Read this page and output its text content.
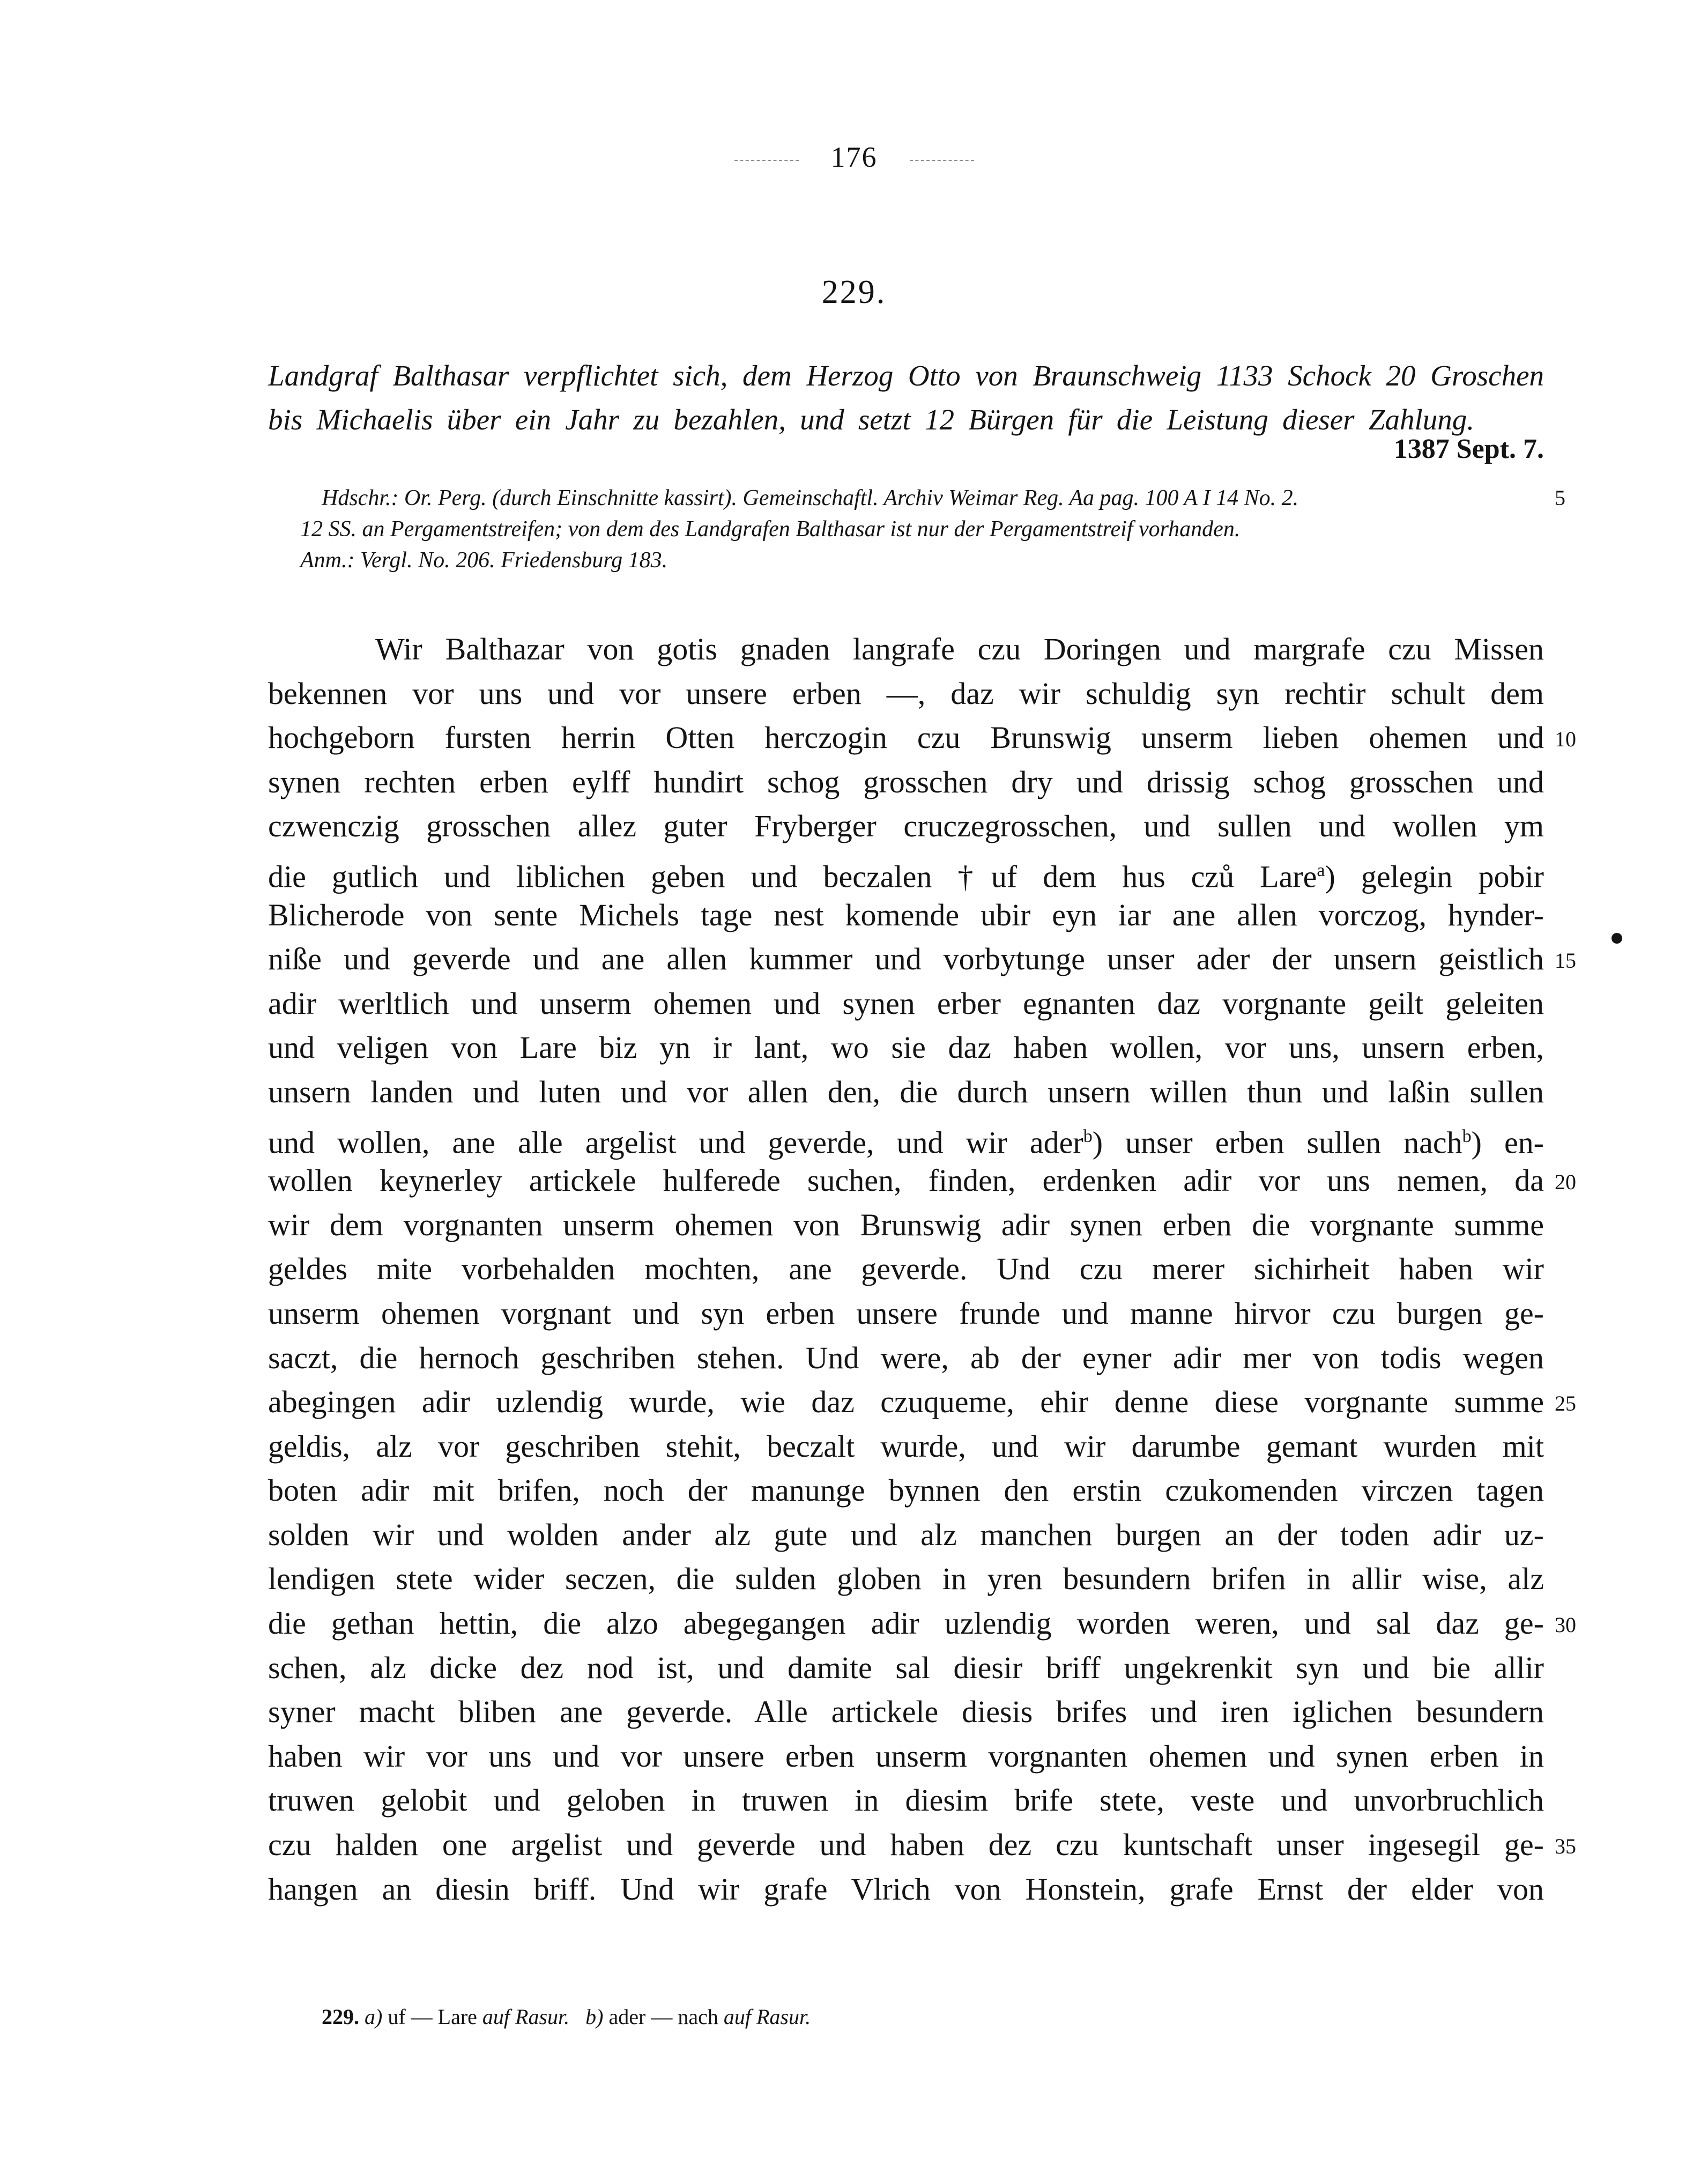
176
229.
Landgraf Balthasar verpflichtet sich, dem Herzog Otto von Braunschweig 1133 Schock 20 Groschen
bis Michaelis über ein Jahr zu bezahlen, und setzt 12 Bürgen für die Leistung dieser Zahlung.
1387 Sept. 7.
Hdschr.: Or. Perg. (durch Einschnitte kassirt). Gemeinschaftl. Archiv Weimar Reg. Aa pag. 100 A I 14 No. 2.
12 SS. an Pergamentstreifen; von dem des Landgrafen Balthasar ist nur der Pergamentstreif vorhanden.
Anm.: Vergl. No. 206. Friedensburg 183.
5
Wir Balthazar von gotis gnaden langrafe czu Doringen und margrafe czu Missen
bekennen vor uns und vor unsere erben —, daz wir schuldig syn rechtir schult dem
hochgeborn fursten herrin Otten herczogin czu Brunswig unserm lieben ohemen und
synen rechten erben eylff hundirt schog grosschen dry und drissig schog grosschen und
czwenczig grosschen allez guter Fryberger cruczegrosschen, und sullen und wollen ym
die gutlich und liblichen geben und beczalen †uf dem hus czů Lare$^a$) gelegin pobir
Blicherode von sente Michels tage nest komende ubir eyn iar ane allen vorczog, hynder-
niße und geverde und ane allen kummer und vorbytunge unser ader der unsern geistlich
adir werltlich und unserm ohemen und synen erber egnanten daz vorgnante geilt geleiten
und veligen von Lare biz yn ir lant, wo sie daz haben wollen, vor uns, unsern erben,
unsern landen und luten und vor allen den, die durch unsern willen thun und laßin sullen
und wollen, ane alle argelist und geverde, und wir ader$^b$) unser erben sullen nach$^b$) en-
wollen keynerley artickele hulferede suchen, finden, erdenken adir vor uns nemen, da
wir dem vorgnanten unserm ohemen von Brunswig adir synen erben die vorgnante summe
geldes mite vorbehalden mochten, ane geverde. Und czu merer sichirheit haben wir
unserm ohemen vorgnant und syn erben unsere frunde und manne hirvor czu burgen ge-
saczt, die hernoch geschriben stehen. Und were, ab der eyner adir mer von todis wegen
abegingen adir uzlendig wurde, wie daz czuqueme, ehir denne diese vorgnante summe
geldis, alz vor geschriben stehit, beczalt wurde, und wir darumbe gemant wurden mit
boten adir mit brifen, noch der manunge bynnen den erstin czukomenden virczen tagen
solden wir und wolden ander alz gute und alz manchen burgen an der toden adir uz-
lendigen stete wider seczen, die sulden globen in yren besundern brifen in allir wise, alz
die gethan hettin, die alzo abegegangen adir uzlendig worden weren, und sal daz ge-
schen, alz dicke dez nod ist, und damite sal diesir briff ungekrenkit syn und bie allir
syner macht bliben ane geverde. Alle artickele diesis brifes und iren iglichen besundern
haben wir vor uns und vor unsere erben unserm vorgnanten ohemen und synen erben in
truwen gelobit und geloben in truwen in diesim brife stete, veste und unvorbruchlich
czu halden one argelist und geverde und haben dez czu kuntschaft unser ingesegil ge-
hangen an diesin briff. Und wir grafe Vlrich von Honstein, grafe Ernst der elder von
10
15
20
25
30
35
229. a) uf — Lare auf Rasur. b) ader — nach auf Rasur.
